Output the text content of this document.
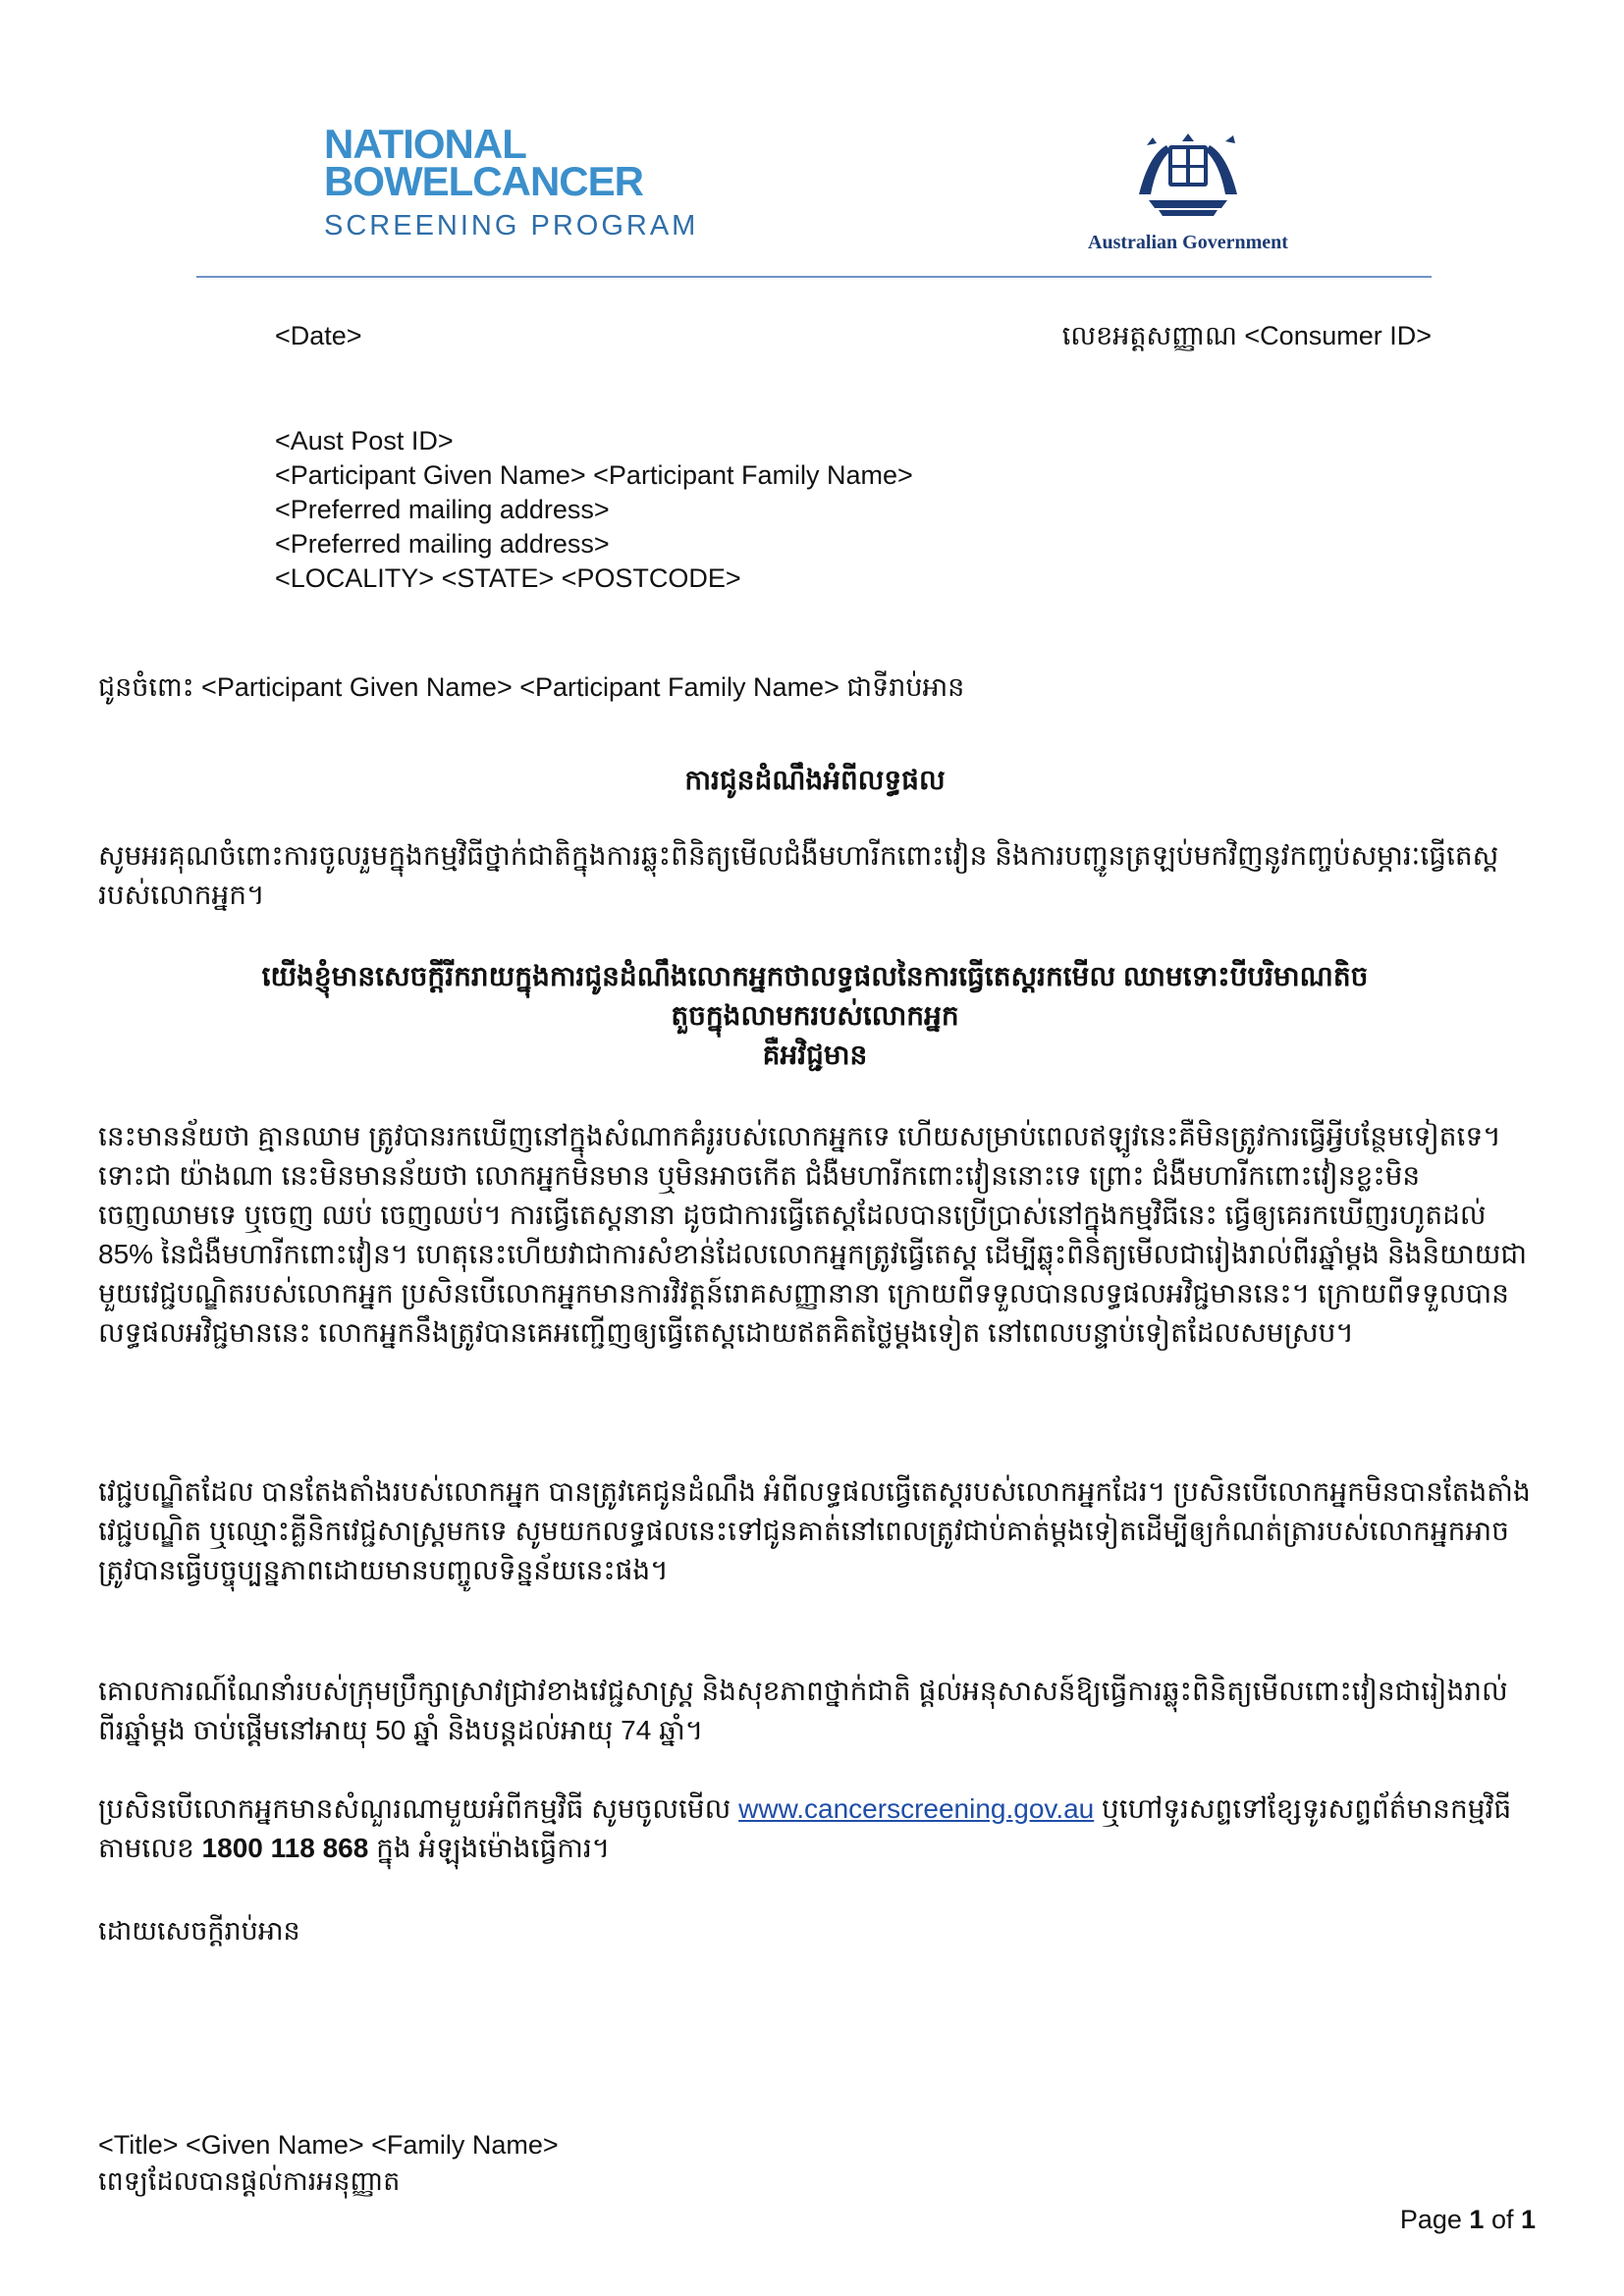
NATIONAL
BOWELCANCER
SCREENING PROGRAM
Australian Government
<Date>	លេខអត្តសញ្ញាណ <Consumer ID>
<Aust Post ID>
<Participant Given Name> <Participant Family Name>
<Preferred mailing address>
<Preferred mailing address>
<LOCALITY> <STATE> <POSTCODE>
ជូនចំពោះ <Participant Given Name> <Participant Family Name> ជាទីរាប់អាន
ការជូនដំណឹងអំពីលទ្ធផល
សូមអរគុណចំពោះការចូលរួមក្នុងកម្មវិធីថ្នាក់ជាតិក្នុងការឆ្លុះពិនិត្យមើលជំងឺមហារីកពោះវៀន និងការបញ្ជូនត្រឡប់មកវិញនូវកញ្ចប់សម្ភារៈធ្វើតេស្តរបស់លោកអ្នក។
យើងខ្ញុំមានសេចក្តីរីករាយក្នុងការជូនដំណឹងលោកអ្នកថាលទ្ធផលនៃការធ្វើតេស្តរកមើល ឈាមទោះបីបរិមាណតិច
តួចក្នុងលាមករបស់លោកអ្នក
គឺអវិជ្ជមាន
នេះមានន័យថា គ្មានឈាម ត្រូវបានរកឃើញនៅក្នុងសំណាកគំរូរបស់លោកអ្នកទេ ហើយសម្រាប់ពេលឥឡូវនេះគឺមិនត្រូវការធ្វើអ្វីបន្ថែមទៀតទេ។ ទោះជា យ៉ាងណា នេះមិនមានន័យថា លោកអ្នកមិនមាន ឬមិនអាចកើត ជំងឺមហារីកពោះវៀននោះទេ ព្រោះ ជំងឺមហារីកពោះវៀនខ្លះមិនចេញឈាមទេ ឬចេញ ឈប់ ចេញឈប់។ ការធ្វើតេស្តនានា ដូចជាការធ្វើតេស្តដែលបានប្រើប្រាស់នៅក្នុងកម្មវិធីនេះ ធ្វើឲ្យគេរកឃើញរហូតដល់ 85% នៃជំងឺមហារីកពោះវៀន។ ហេតុនេះហើយវាជាការសំខាន់ដែលលោកអ្នកត្រូវធ្វើតេស្ត ដើម្បីឆ្លុះពិនិត្យមើលជារៀងរាល់ពីរឆ្នាំម្តង និងនិយាយជាមួយវេជ្ជបណ្ឌិតរបស់លោកអ្នក ប្រសិនបើលោកអ្នកមានការវិវត្តន៍រោគសញ្ញានានា ក្រោយពីទទួលបានលទ្ធផលអវិជ្ជមាននេះ។ ក្រោយពីទទួលបានលទ្ធផលអវិជ្ជមាននេះ លោកអ្នកនឹងត្រូវបានគេអញ្ជើញឲ្យធ្វើតេស្តដោយឥតគិតថ្លៃម្តងទៀត នៅពេលបន្ទាប់ទៀតដែលសមស្រប។
វេជ្ជបណ្ឌិតដែល បានតែងតាំងរបស់លោកអ្នក បានត្រូវគេជូនដំណឹង អំពីលទ្ធផលធ្វើតេស្តរបស់លោកអ្នកដែរ។ ប្រសិនបើលោកអ្នកមិនបានតែងតាំងវេជ្ជបណ្ឌិត ឬឈ្មោះគ្លីនិកវេជ្ជសាស្រ្តមកទេ សូមយកលទ្ធផលនេះទៅជូនគាត់នៅពេលត្រូវជាប់គាត់ម្តងទៀតដើម្បីឲ្យកំណត់ត្រារបស់លោកអ្នកអាចត្រូវបានធ្វើបច្ចុប្បន្នភាពដោយមានបញ្ចូលទិន្នន័យនេះផង។
គោលការណ៍ណែនាំរបស់ក្រុមប្រឹក្សាស្រាវជ្រាវខាងវេជ្ជសាស្ត្រ និងសុខភាពថ្នាក់ជាតិ ផ្តល់អនុសាសន៍ឱ្យធ្វើការឆ្លុះពិនិត្យមើលពោះវៀនជារៀងរាល់ពីរឆ្នាំម្តង ចាប់ផ្តើមនៅអាយុ 50 ឆ្នាំ និងបន្តដល់អាយុ 74 ឆ្នាំ។
ប្រសិនបើលោកអ្នកមានសំណួរណាមួយអំពីកម្មវិធី សូមចូលមើល www.cancerscreening.gov.au ឬហៅទូរសព្ទទៅខ្សែទូរសព្ទព័ត៌មានកម្មវិធីតាមលេខ 1800 118 868 ក្នុង អំឡុងម៉ោងធ្វើការ។
ដោយសេចក្តីរាប់អាន
<Title> <Given Name> <Family Name>
ពេទ្យដែលបានផ្តល់ការអនុញ្ញាត
Page 1 of 1
